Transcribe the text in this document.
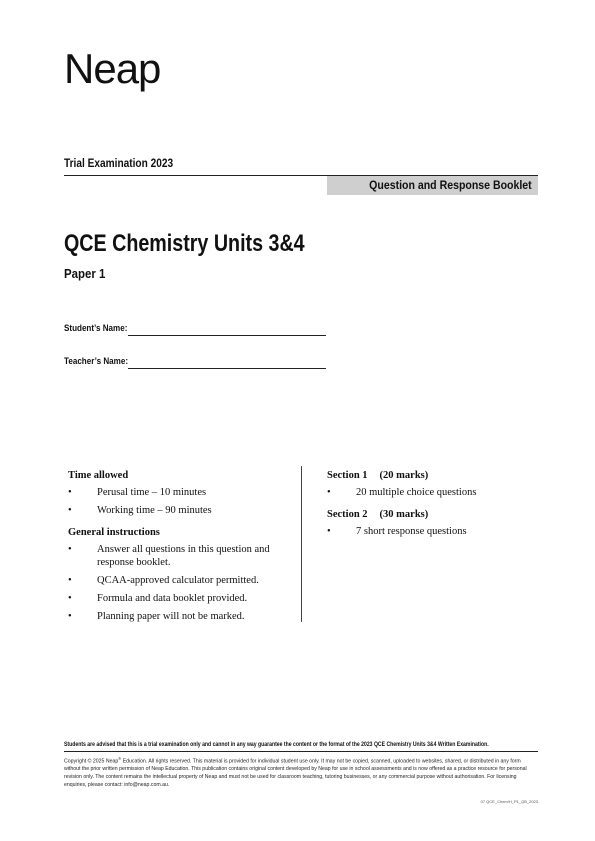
Neap
Trial Examination 2023
Question and Response Booklet
QCE Chemistry Units 3&4
Paper 1
Student’s Name:
Teacher’s Name:
Time allowed
• Perusal time – 10 minutes
• Working time – 90 minutes
General instructions
• Answer all questions in this question and response booklet.
• QCAA-approved calculator permitted.
• Formula and data booklet provided.
• Planning paper will not be marked.
Section 1 (20 marks)
• 20 multiple choice questions
Section 2 (30 marks)
• 7 short response questions
Students are advised that this is a trial examination only and cannot in any way guarantee the content or the format of the 2023 QCE Chemistry Units 3&4 Written Examination.
Copyright © 2025 Neap® Education. All rights reserved. This material is provided for individual student use only. It may not be copied, scanned, uploaded to websites, shared, or distributed in any form without the prior written permission of Neap Education. This publication contains original content developed by Neap for use in school assessments and is now offered as a practice resource for personal revision only. The content remains the intellectual property of Neap and must not be used for classroom teaching, tutoring businesses, or any commercial purpose without authorisation. For licensing enquiries, please contact: info@neap.com.au.
07 QCE_Chem/H_P1_QB_2023
